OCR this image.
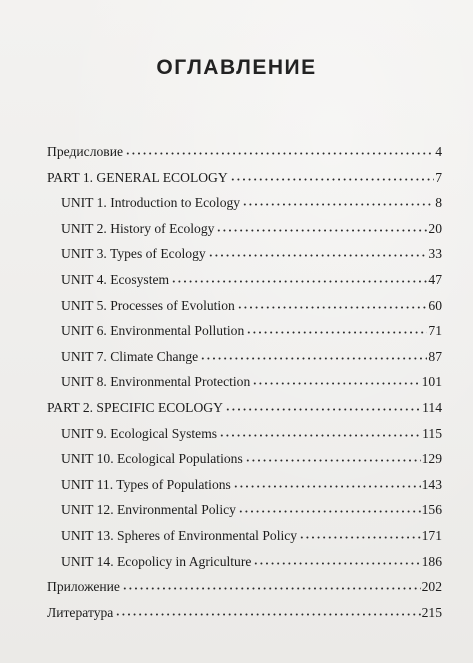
ОГЛАВЛЕНИЕ
Предисловие	4
PART 1. GENERAL ECOLOGY	7
UNIT 1. Introduction to Ecology	8
UNIT 2. History of Ecology	20
UNIT 3. Types of Ecology	33
UNIT 4. Ecosystem	47
UNIT 5. Processes of Evolution	60
UNIT 6. Environmental Pollution	71
UNIT 7. Climate Change	87
UNIT 8. Environmental Protection	101
PART 2. SPECIFIC ECOLOGY	114
UNIT 9. Ecological Systems	115
UNIT 10. Ecological Populations	129
UNIT 11. Types of Populations	143
UNIT 12. Environmental Policy	156
UNIT 13. Spheres of Environmental Policy	171
UNIT 14. Ecopolicy in Agriculture	186
Приложение	202
Литература	215
